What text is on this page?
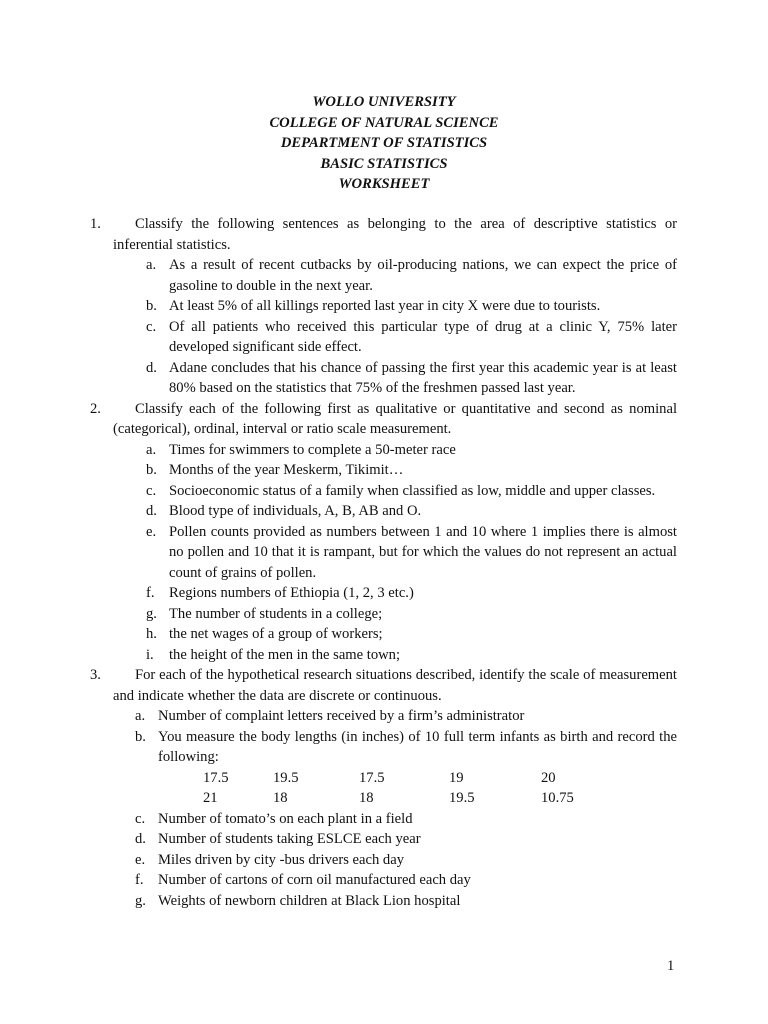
WOLLO UNIVERSITY
COLLEGE OF NATURAL SCIENCE
DEPARTMENT OF STATISTICS
BASIC STATISTICS
WORKSHEET
1.	Classify the following sentences as belonging to the area of descriptive statistics or inferential statistics.
a. As a result of recent cutbacks by oil-producing nations, we can expect the price of gasoline to double in the next year.
b. At least 5% of all killings reported last year in city X were due to tourists.
c. Of all patients who received this particular type of drug at a clinic Y, 75% later developed significant side effect.
d. Adane concludes that his chance of passing the first year this academic year is at least 80% based on the statistics that 75% of the freshmen passed last year.
2.	Classify each of the following first as qualitative or quantitative and second as nominal (categorical), ordinal, interval or ratio scale measurement.
a. Times for swimmers to complete a 50-meter race
b. Months of the year Meskerm, Tikimit…
c. Socioeconomic status of a family when classified as low, middle and upper classes.
d. Blood type of individuals, A, B, AB and O.
e. Pollen counts provided as numbers between 1 and 10 where 1 implies there is almost no pollen and 10 that it is rampant, but for which the values do not represent an actual count of grains of pollen.
f. Regions numbers of Ethiopia (1, 2, 3 etc.)
g. The number of students in a college;
h. the net wages of a group of workers;
i. the height of the men in the same town;
3.	For each of the hypothetical research situations described, identify the scale of measurement and indicate whether the data are discrete or continuous.
a. Number of complaint letters received by a firm’s administrator
b. You measure the body lengths (in inches) of 10 full term infants as birth and record the following:
17.5	19.5	17.5	19	20
21	18	18	19.5	10.75
c. Number of tomato’s on each plant in a field
d. Number of students taking ESLCE each year
e. Miles driven by city -bus drivers each day
f. Number of cartons of corn oil manufactured each day
g. Weights of newborn children at Black Lion hospital
1
